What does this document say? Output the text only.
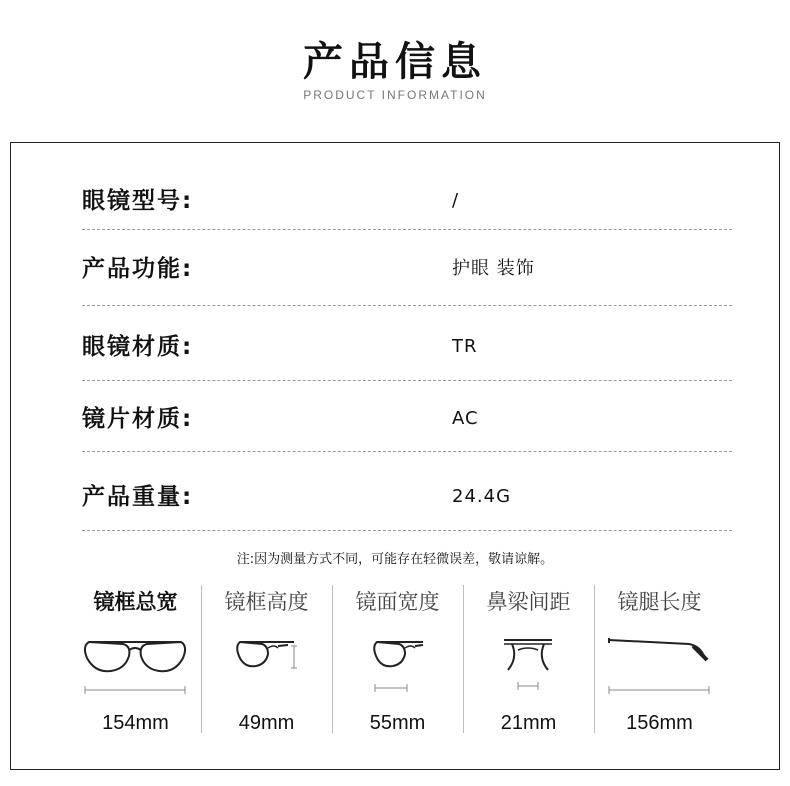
产品信息
PRODUCT INFORMATION
眼镜型号:	/
产品功能:	护眼 装饰
眼镜材质:	TR
镜片材质:	AC
产品重量:	24.4G
注:因为测量方式不同，可能存在轻微误差，敬请谅解。
镜框总宽
154mm
镜框高度
49mm
镜面宽度
55mm
鼻梁间距
21mm
镜腿长度
156mm
